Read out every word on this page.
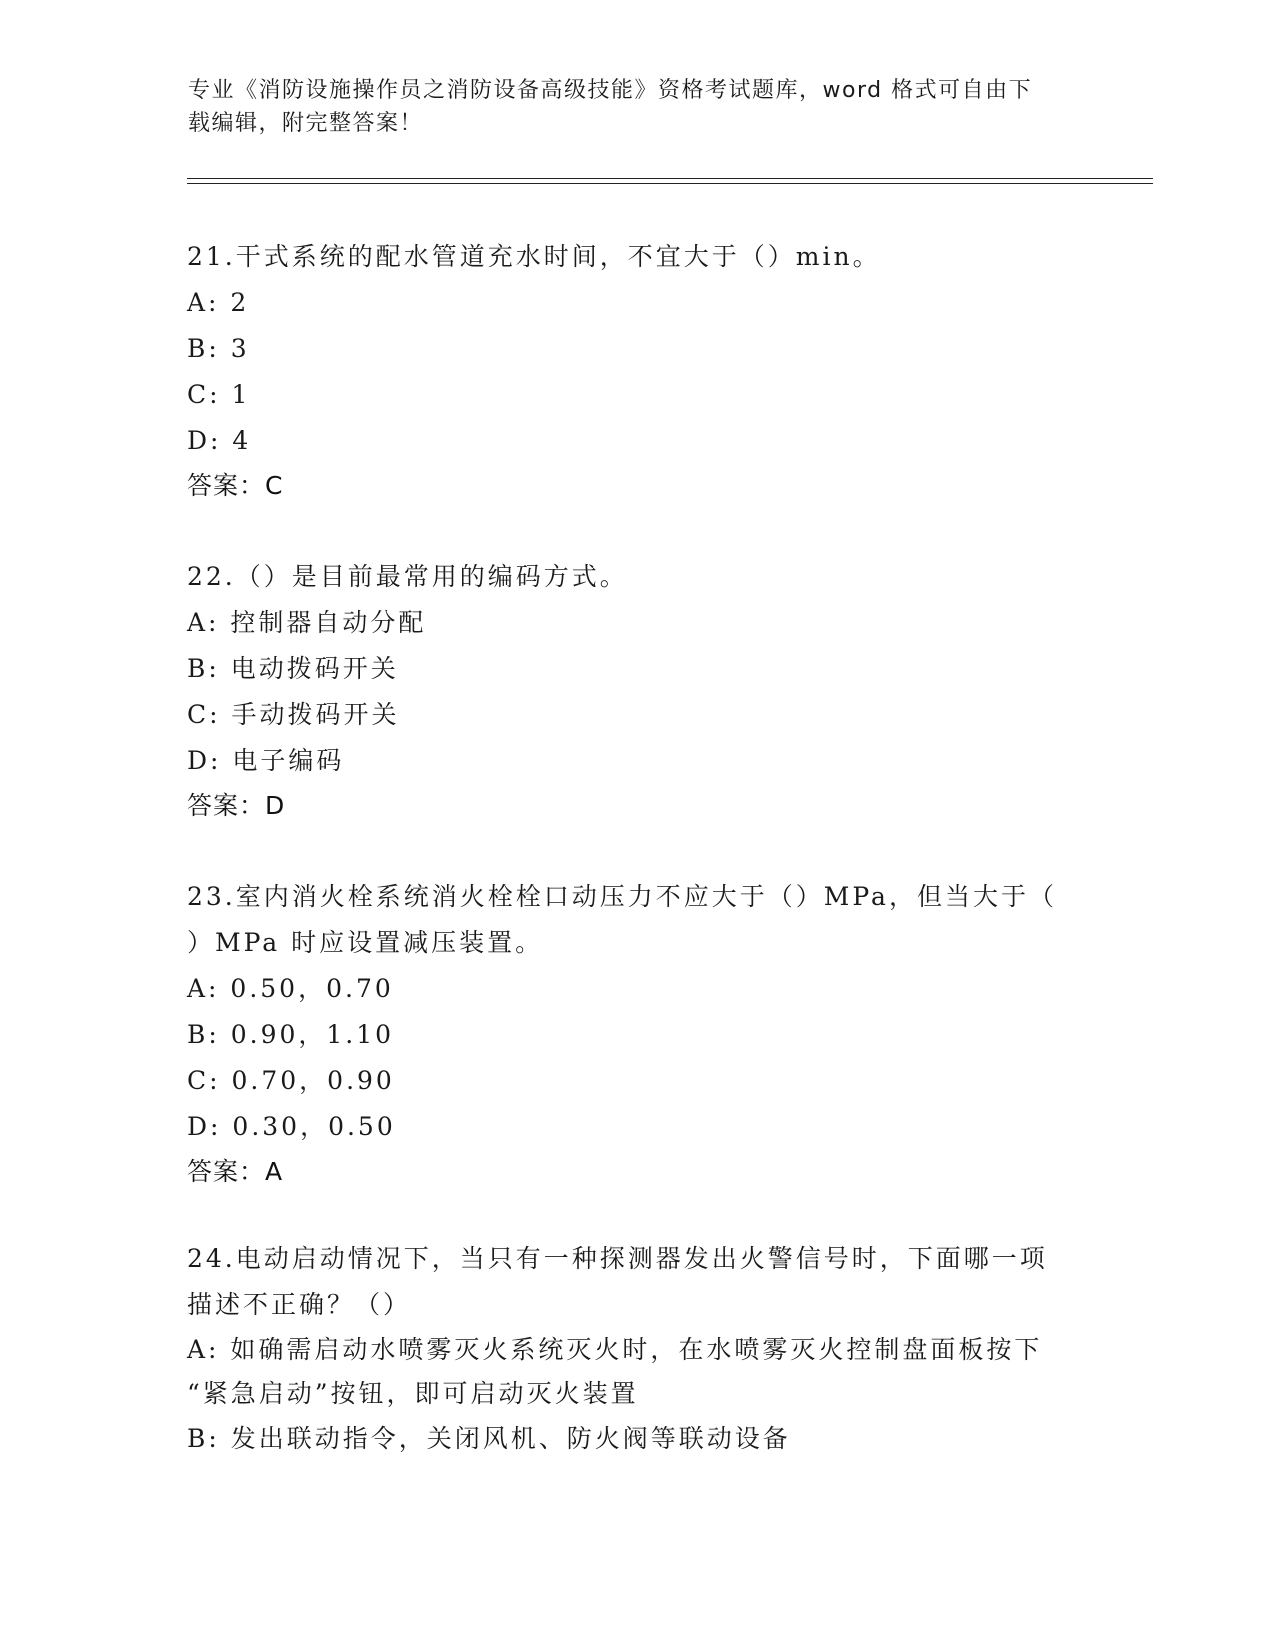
专业《消防设施操作员之消防设备高级技能》资格考试题库，word 格式可自由下
载编辑，附完整答案！

21.干式系统的配水管道充水时间，不宜大于（）min。

A: 2

B: 3

C: 1

D: 4

答案：C

22.（）是目前最常用的编码方式。

A: 控制器自动分配

B: 电动拨码开关

C: 手动拨码开关

D: 电子编码

答案：D

23.室内消火栓系统消火栓栓口动压力不应大于（）MPa，但当大于（

）MPa 时应设置减压装置。

A: 0.50，0.70

B: 0.90，1.10

C: 0.70，0.90

D: 0.30，0.50

答案：A

24.电动启动情况下，当只有一种探测器发出火警信号时，下面哪一项

描述不正确？（）

A: 如确需启动水喷雾灭火系统灭火时，在水喷雾灭火控制盘面板按下

“紧急启动”按钮，即可启动灭火装置

B: 发出联动指令，关闭风机、防火阀等联动设备
